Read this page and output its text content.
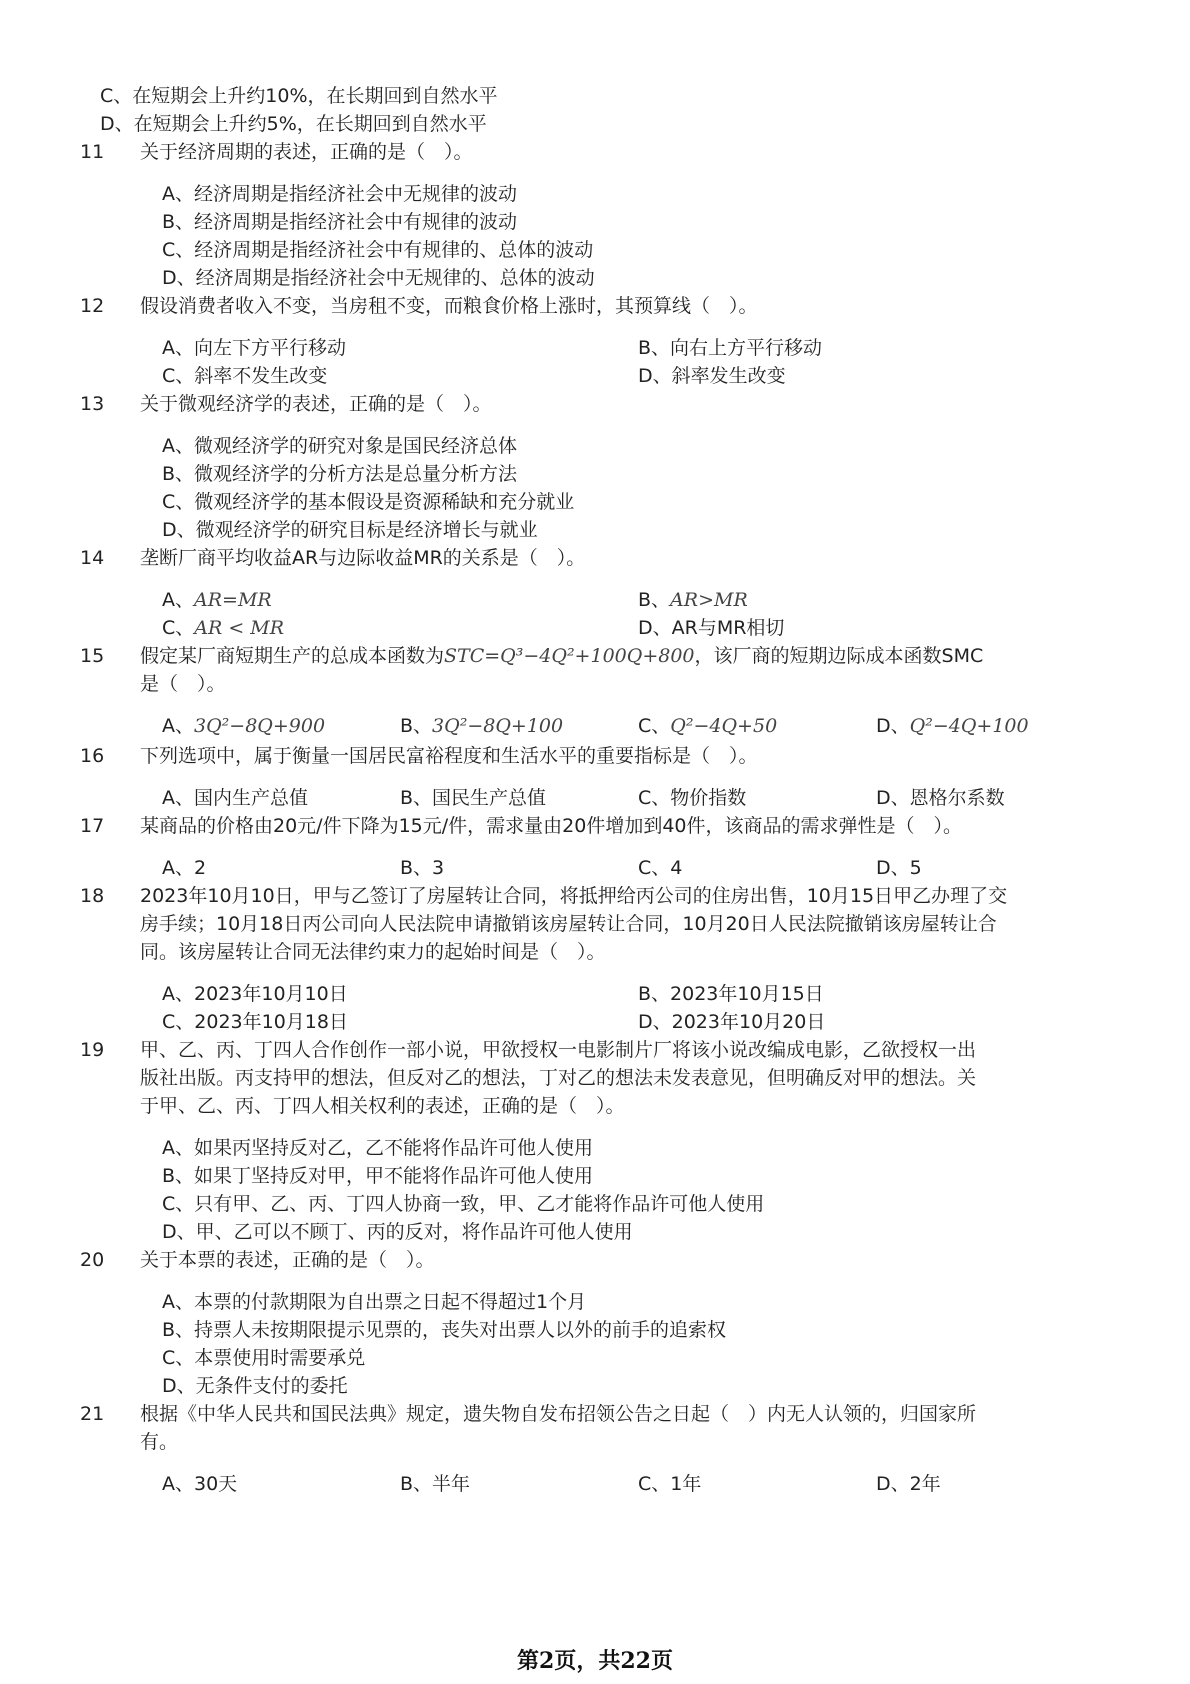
C、在短期会上升约10%，在长期回到自然水平
D、在短期会上升约5%，在长期回到自然水平
11	关于经济周期的表述，正确的是（　）。
A、经济周期是指经济社会中无规律的波动
B、经济周期是指经济社会中有规律的波动
C、经济周期是指经济社会中有规律的、总体的波动
D、经济周期是指经济社会中无规律的、总体的波动
12	假设消费者收入不变，当房租不变，而粮食价格上涨时，其预算线（　）。
A、向左下方平行移动	B、向右上方平行移动
C、斜率不发生改变	D、斜率发生改变
13	关于微观经济学的表述，正确的是（　）。
A、微观经济学的研究对象是国民经济总体
B、微观经济学的分析方法是总量分析方法
C、微观经济学的基本假设是资源稀缺和充分就业
D、微观经济学的研究目标是经济增长与就业
14	垄断厂商平均收益AR与边际收益MR的关系是（　）。
A、AR=MR	B、AR>MR
C、AR < MR	D、AR与MR相切
15	假定某厂商短期生产的总成本函数为STC=Q³−4Q²+100Q+800，该厂商的短期边际成本函数SMC
是（　）。
A、3Q²−8Q+900	B、3Q²−8Q+100	C、Q²−4Q+50	D、Q²−4Q+100
16	下列选项中，属于衡量一国居民富裕程度和生活水平的重要指标是（　）。
A、国内生产总值	B、国民生产总值	C、物价指数	D、恩格尔系数
17	某商品的价格由20元/件下降为15元/件，需求量由20件增加到40件，该商品的需求弹性是（　）。
A、2	B、3	C、4	D、5
18	2023年10月10日，甲与乙签订了房屋转让合同，将抵押给丙公司的住房出售，10月15日甲乙办理了交
房手续；10月18日丙公司向人民法院申请撤销该房屋转让合同，10月20日人民法院撤销该房屋转让合
同。该房屋转让合同无法律约束力的起始时间是（　）。
A、2023年10月10日	B、2023年10月15日
C、2023年10月18日	D、2023年10月20日
19	甲、乙、丙、丁四人合作创作一部小说，甲欲授权一电影制片厂将该小说改编成电影，乙欲授权一出
版社出版。丙支持甲的想法，但反对乙的想法，丁对乙的想法未发表意见，但明确反对甲的想法。关
于甲、乙、丙、丁四人相关权利的表述，正确的是（　）。
A、如果丙坚持反对乙，乙不能将作品许可他人使用
B、如果丁坚持反对甲，甲不能将作品许可他人使用
C、只有甲、乙、丙、丁四人协商一致，甲、乙才能将作品许可他人使用
D、甲、乙可以不顾丁、丙的反对，将作品许可他人使用
20	关于本票的表述，正确的是（　）。
A、本票的付款期限为自出票之日起不得超过1个月
B、持票人未按期限提示见票的，丧失对出票人以外的前手的追索权
C、本票使用时需要承兑
D、无条件支付的委托
21	根据《中华人民共和国民法典》规定，遗失物自发布招领公告之日起（　）内无人认领的，归国家所
有。
A、30天	B、半年	C、1年	D、2年
第2页，共22页
